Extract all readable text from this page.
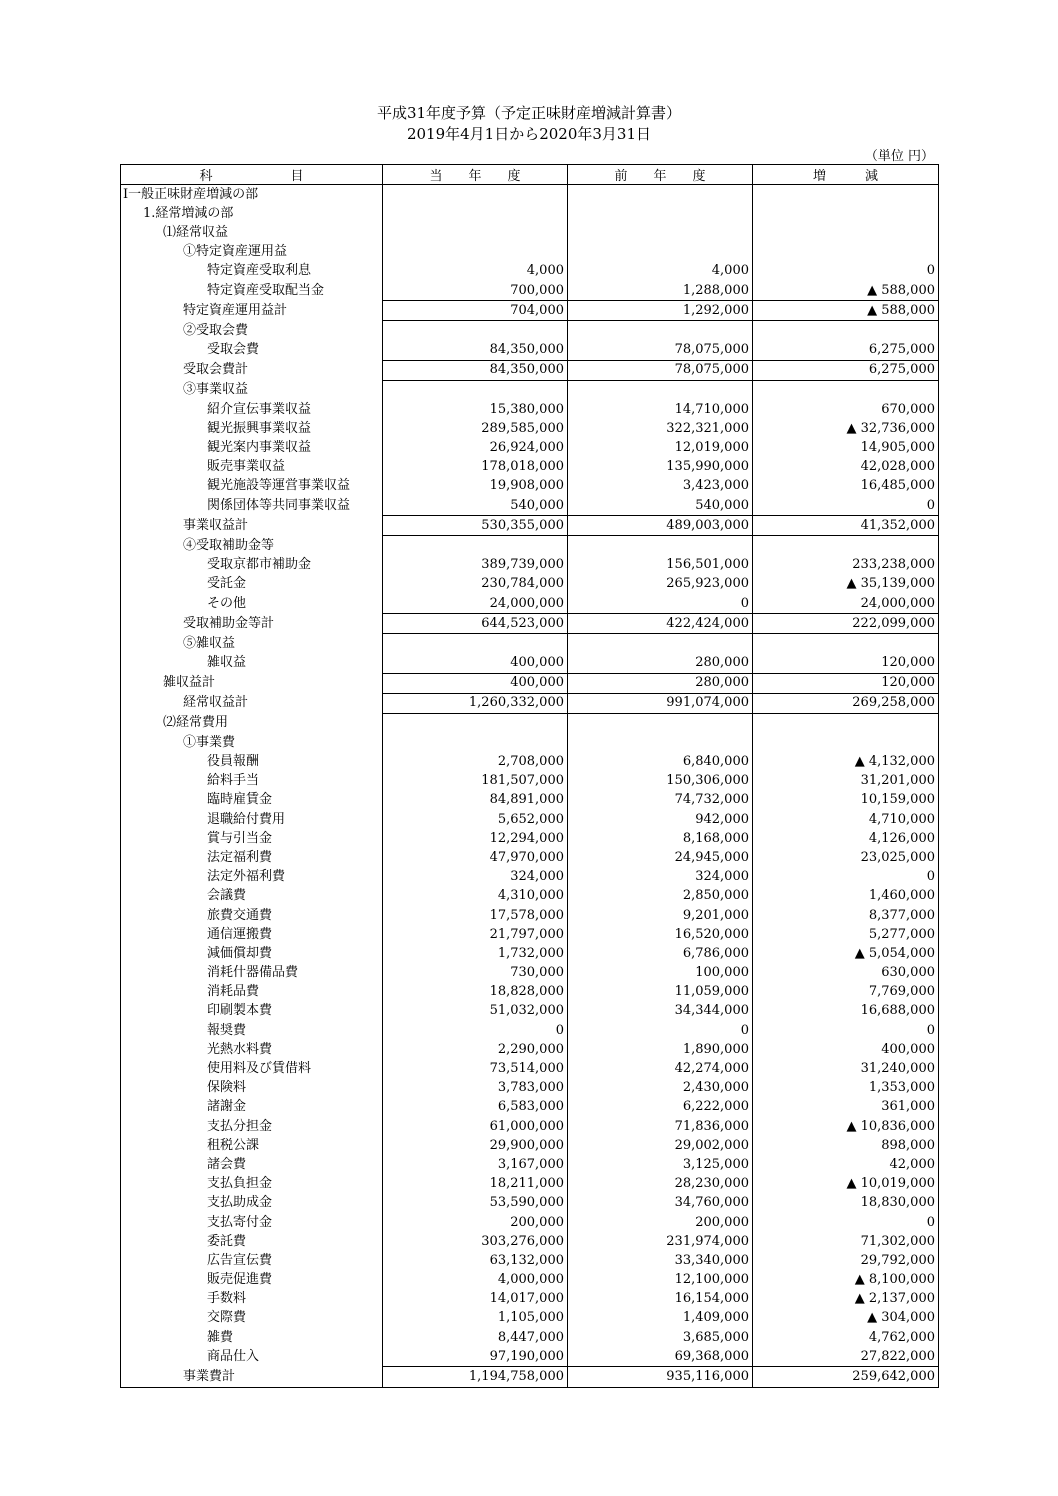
平成31年度予算（予定正味財産増減計算書）
2019年4月1日から2020年3月31日
（単位 円）
科　　　　　　目	当　　年　　度	前　　年　　度	増　　　減
Ⅰ一般正味財産増減の部			
1.経常増減の部			
⑴経常収益			
①特定資産運用益			
特定資産受取利息	4,000	4,000	0
特定資産受取配当金	700,000	1,288,000	▲ 588,000
特定資産運用益計	704,000	1,292,000	▲ 588,000
②受取会費			
受取会費	84,350,000	78,075,000	6,275,000
受取会費計	84,350,000	78,075,000	6,275,000
③事業収益			
紹介宣伝事業収益	15,380,000	14,710,000	670,000
観光振興事業収益	289,585,000	322,321,000	▲ 32,736,000
観光案内事業収益	26,924,000	12,019,000	14,905,000
販売事業収益	178,018,000	135,990,000	42,028,000
観光施設等運営事業収益	19,908,000	3,423,000	16,485,000
関係団体等共同事業収益	540,000	540,000	0
事業収益計	530,355,000	489,003,000	41,352,000
④受取補助金等			
受取京都市補助金	389,739,000	156,501,000	233,238,000
受託金	230,784,000	265,923,000	▲ 35,139,000
その他	24,000,000	0	24,000,000
受取補助金等計	644,523,000	422,424,000	222,099,000
⑤雑収益			
雑収益	400,000	280,000	120,000
雑収益計	400,000	280,000	120,000
経常収益計	1,260,332,000	991,074,000	269,258,000
⑵経常費用			
①事業費			
役員報酬	2,708,000	6,840,000	▲ 4,132,000
給料手当	181,507,000	150,306,000	31,201,000
臨時雇賃金	84,891,000	74,732,000	10,159,000
退職給付費用	5,652,000	942,000	4,710,000
賞与引当金	12,294,000	8,168,000	4,126,000
法定福利費	47,970,000	24,945,000	23,025,000
法定外福利費	324,000	324,000	0
会議費	4,310,000	2,850,000	1,460,000
旅費交通費	17,578,000	9,201,000	8,377,000
通信運搬費	21,797,000	16,520,000	5,277,000
減価償却費	1,732,000	6,786,000	▲ 5,054,000
消耗什器備品費	730,000	100,000	630,000
消耗品費	18,828,000	11,059,000	7,769,000
印刷製本費	51,032,000	34,344,000	16,688,000
報奨費	0	0	0
光熱水料費	2,290,000	1,890,000	400,000
使用料及び賃借料	73,514,000	42,274,000	31,240,000
保険料	3,783,000	2,430,000	1,353,000
諸謝金	6,583,000	6,222,000	361,000
支払分担金	61,000,000	71,836,000	▲ 10,836,000
租税公課	29,900,000	29,002,000	898,000
諸会費	3,167,000	3,125,000	42,000
支払負担金	18,211,000	28,230,000	▲ 10,019,000
支払助成金	53,590,000	34,760,000	18,830,000
支払寄付金	200,000	200,000	0
委託費	303,276,000	231,974,000	71,302,000
広告宣伝費	63,132,000	33,340,000	29,792,000
販売促進費	4,000,000	12,100,000	▲ 8,100,000
手数料	14,017,000	16,154,000	▲ 2,137,000
交際費	1,105,000	1,409,000	▲ 304,000
雑費	8,447,000	3,685,000	4,762,000
商品仕入	97,190,000	69,368,000	27,822,000
事業費計	1,194,758,000	935,116,000	259,642,000
